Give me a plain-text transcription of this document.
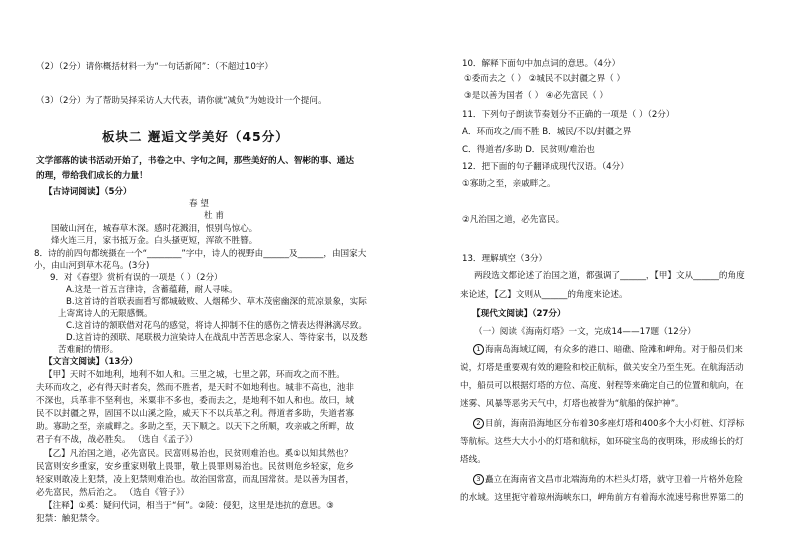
（2）（2分）请你概括材料一为“一句话新闻”：（不超过10字）
（3）（2分）为了帮助吴择采访人大代表，请你就“减负”为她设计一个提问。
板块二 邂逅文学美好（45分）
文学部落的读书活动开始了，书卷之中、字句之间，那些美好的人、智彬的事、通达
的理，带给我们成长的力量！
【古诗词阅读】（5分）
春 望
杜 甫
国破山河在，城春草木深。感时花溅泪，恨别鸟惊心。
烽火连三月，家书抵万金。白头搔更短，浑欲不胜簪。
8．诗的前四句都统摄在一个“________”字中，诗人的视野由______及______，由国家大
小，由山河到草木花鸟。(3分)
9．对《春望》赏析有误的一项是（ ）（2分）
A.这是一首五言律诗，含蓄蕴藉，耐人寻味。
B.这首诗的首联表面看写都城破败、人烟稀少、草木茂密幽深的荒凉景象，实际
上寄寓诗人的无限感慨。
C.这首诗的颔联借对花鸟的感觉，将诗人抑制不住的感伤之情表达得淋漓尽致。
D.这首诗的颈联、尾联极力渲染诗人在战乱中苦苦思念家人、等待家书，以及愁
苦难耐的情形。
【文言文阅读】（13分）
【甲】天时不如地利，地利不如人和。三里之城，七里之郭，环而攻之而不胜。
夫环而攻之，必有得天时者矣，然而不胜者，是天时不如地利也。城非不高也，池非
不深也，兵革非不坚利也，米粟非不多也，委而去之，是地利不如人和也。故曰，域
民不以封疆之界，固国不以山溪之险，威天下不以兵革之利。得道者多助，失道者寡
助。寡助之至，亲戚畔之。多助之至，天下顺之。以天下之所顺，攻亲戚之所畔，故
君子有不战，战必胜矣。 （选自《孟子》）
【乙】凡治国之道，必先富民。民富则易治也，民贫则难治也。奚①以知其然也？
民富则安乡重家，安乡重家则敬上畏罪，敬上畏罪则易治也。民贫则危乡轻家，危乡
轻家则敢凌上犯禁，凌上犯禁则难治也。故治国常富，而乱国常贫。是以善为国者，
必先富民，然后治之。 （选自《管子》）
【注释】①奚：疑问代词，相当于“何”。②陵：侵犯，这里是违抗的意思。③
犯禁：触犯禁令。
10．解释下面句中加点词的意思。（4分）
①委而去之（ ） ②城民不以封疆之界（ ）
③是以善为国者（ ） ④必先富民（ ）
11．下列句子朗读节奏划分不正确的一项是（ ）（2分）
A．环而攻之/而不胜 B．城民/不以/封疆之界
C．得道者/多助 D．民贫则/难治也
12．把下面的句子翻译成现代汉语。（4分）
①寡助之至，亲戚畔之。
②凡治国之道，必先富民。
13．理解填空（3分）
两段选文都论述了治国之道，都强调了______，【甲】文从______的角度
来论述，【乙】文则从______的角度来论述。
【现代文阅读】（27分）
（一）阅读《海南灯塔》一文，完成14——17题（12分）
1 海南岛海域辽阔，有众多的港口、暗礁、险滩和岬角。对于船员们来
说，灯塔是重要观有效的避险和校正航标，做关安全乃至生死。在航海活动
中，船员可以根据灯塔的方位、高度、射程等来确定自己的位置和航向，在
迷雾、风暴等恶劣天气中，灯塔也被誉为“航船的保护神”。
2 目前，海南沿海地区分布着30多座灯塔和400多个大小灯桩、灯浮标
等航标。这些大大小小的灯塔和航标，如环碇宝岛的夜明珠，形成绵长的灯
塔线。
3 矗立在海南省文昌市北端海角的木栏头灯塔，就守卫着一片格外危险
的水域。这里扼守着琼州海峡东口，岬角前方有着海水流速号称世界第二的
